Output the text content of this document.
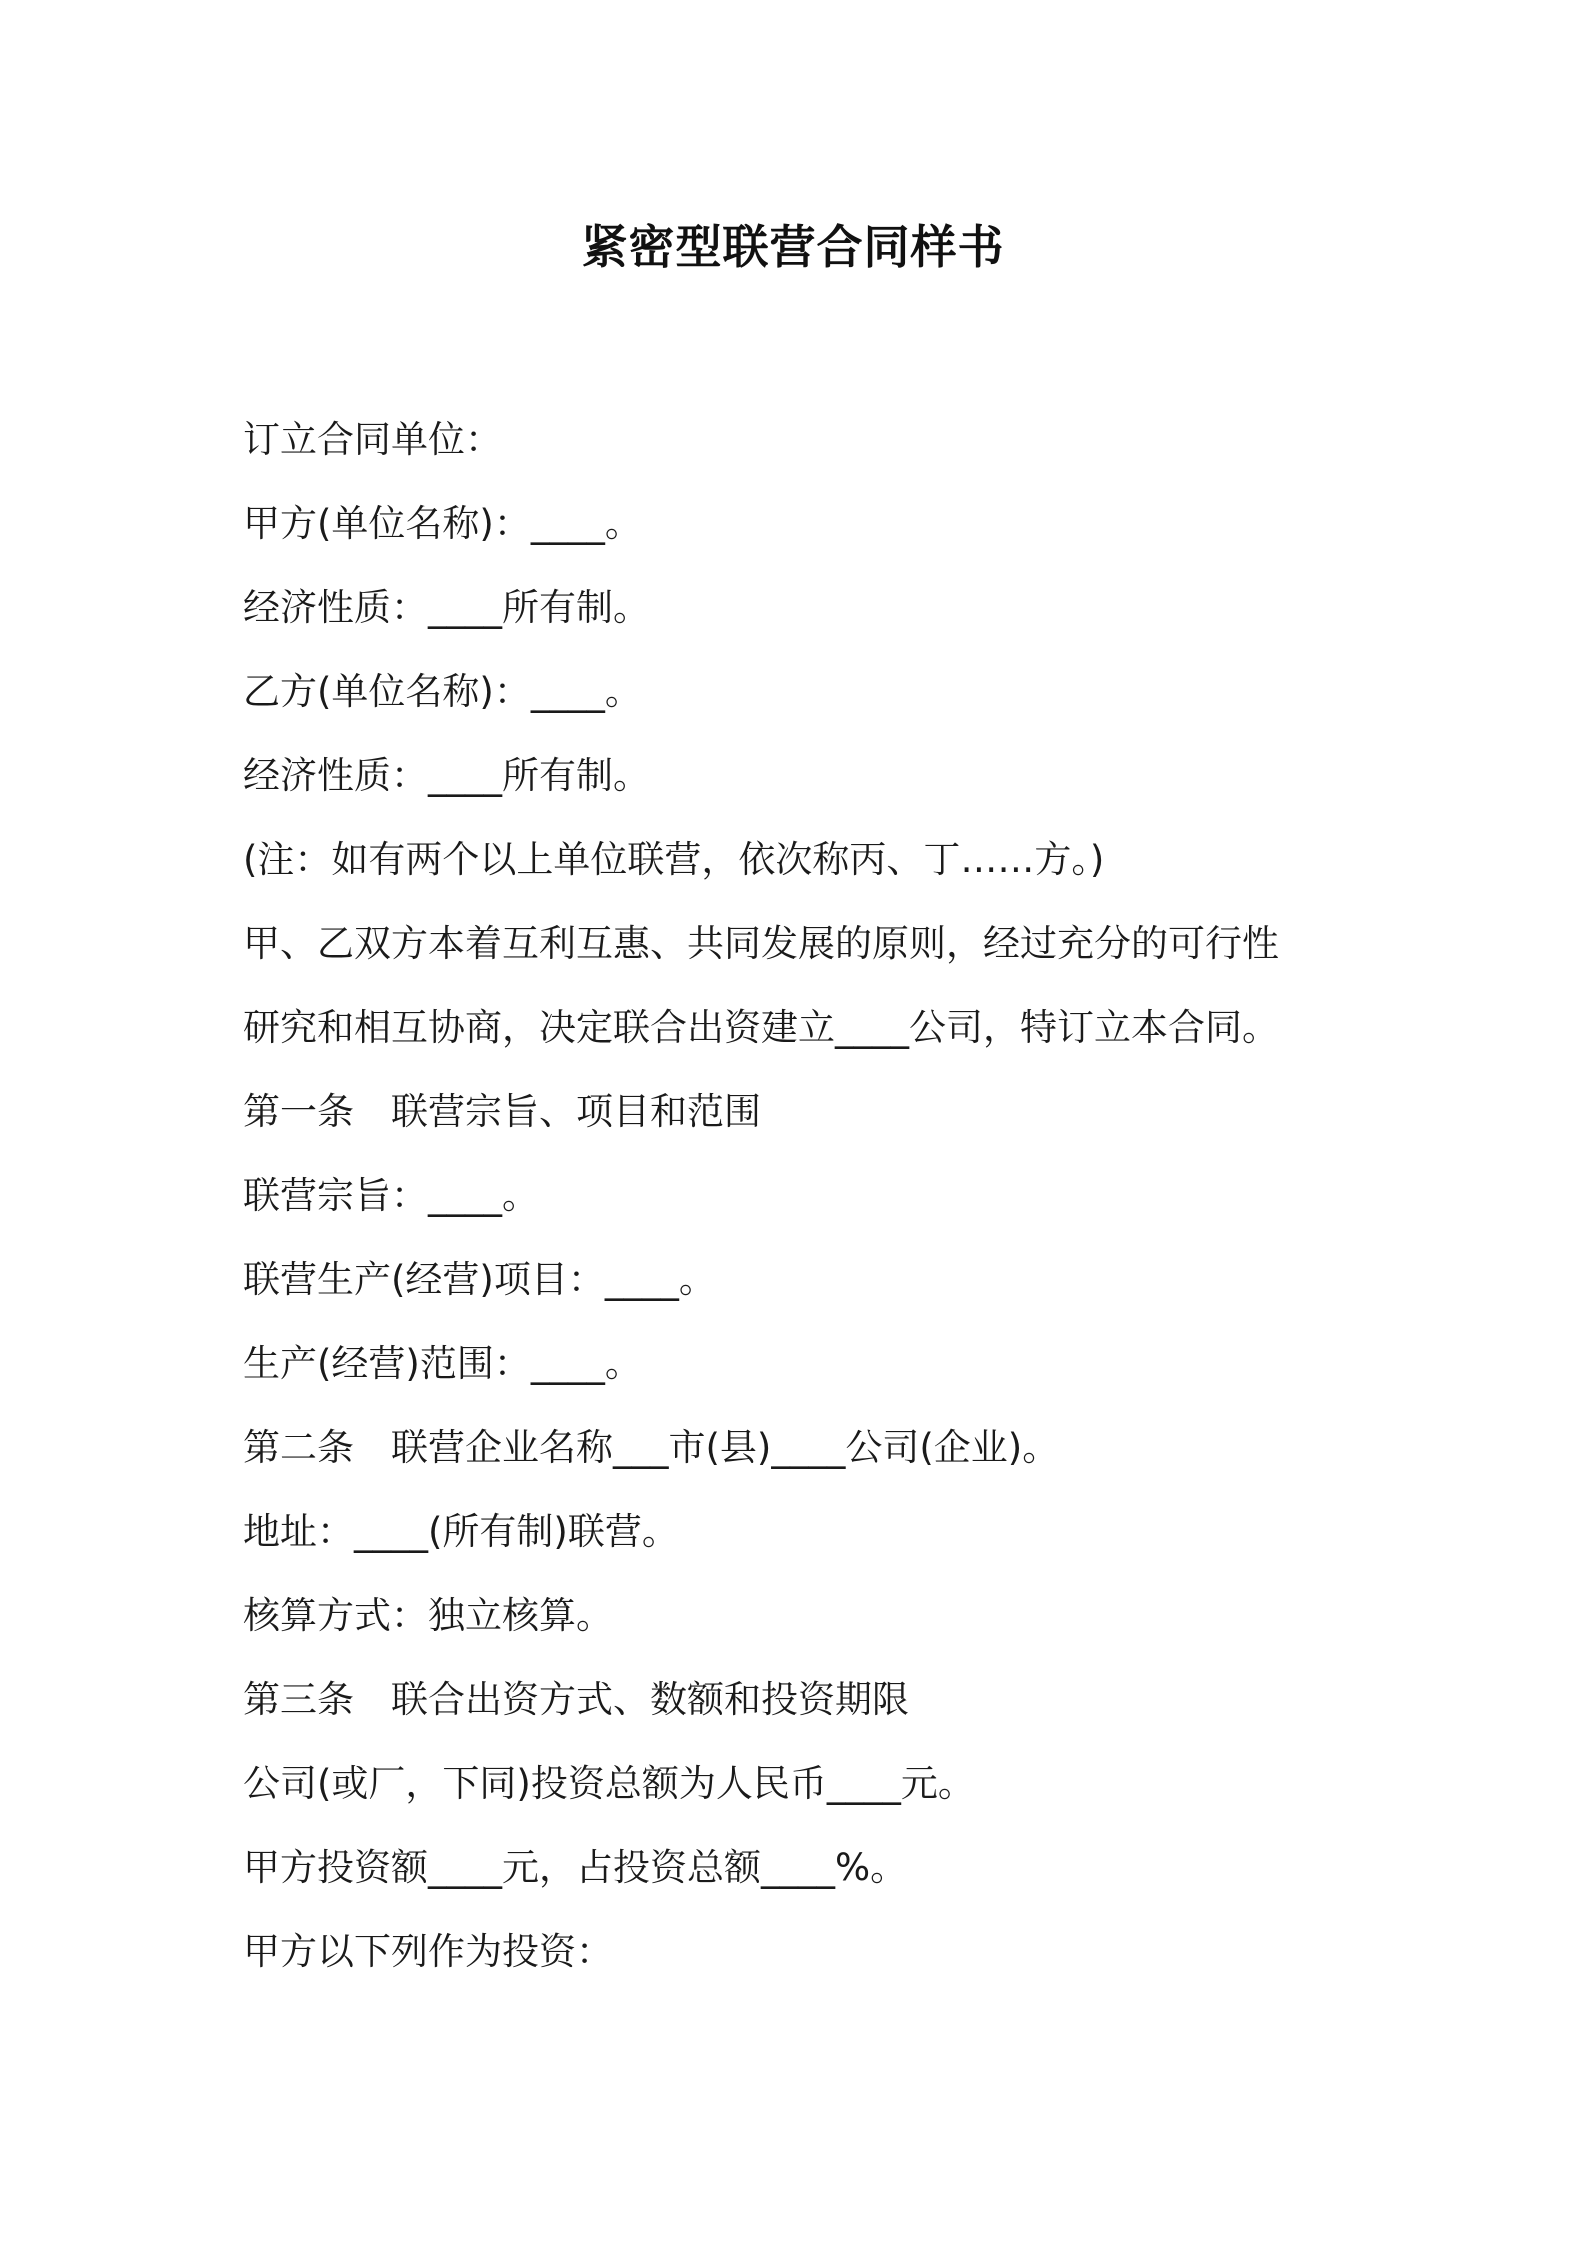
紧密型联营合同样书
订立合同单位：
甲方(单位名称)：____。
经济性质：____所有制。
乙方(单位名称)：____。
经济性质：____所有制。
(注：如有两个以上单位联营，依次称丙、丁……方。)
甲、乙双方本着互利互惠、共同发展的原则，经过充分的可行性
研究和相互协商，决定联合出资建立____公司，特订立本合同。
第一条　联营宗旨、项目和范围
联营宗旨：____。
联营生产(经营)项目：____。
生产(经营)范围：____。
第二条　联营企业名称___市(县)____公司(企业)。
地址：____(所有制)联营。
核算方式：独立核算。
第三条　联合出资方式、数额和投资期限
公司(或厂，下同)投资总额为人民币____元。
甲方投资额____元，占投资总额____%。
甲方以下列作为投资：
